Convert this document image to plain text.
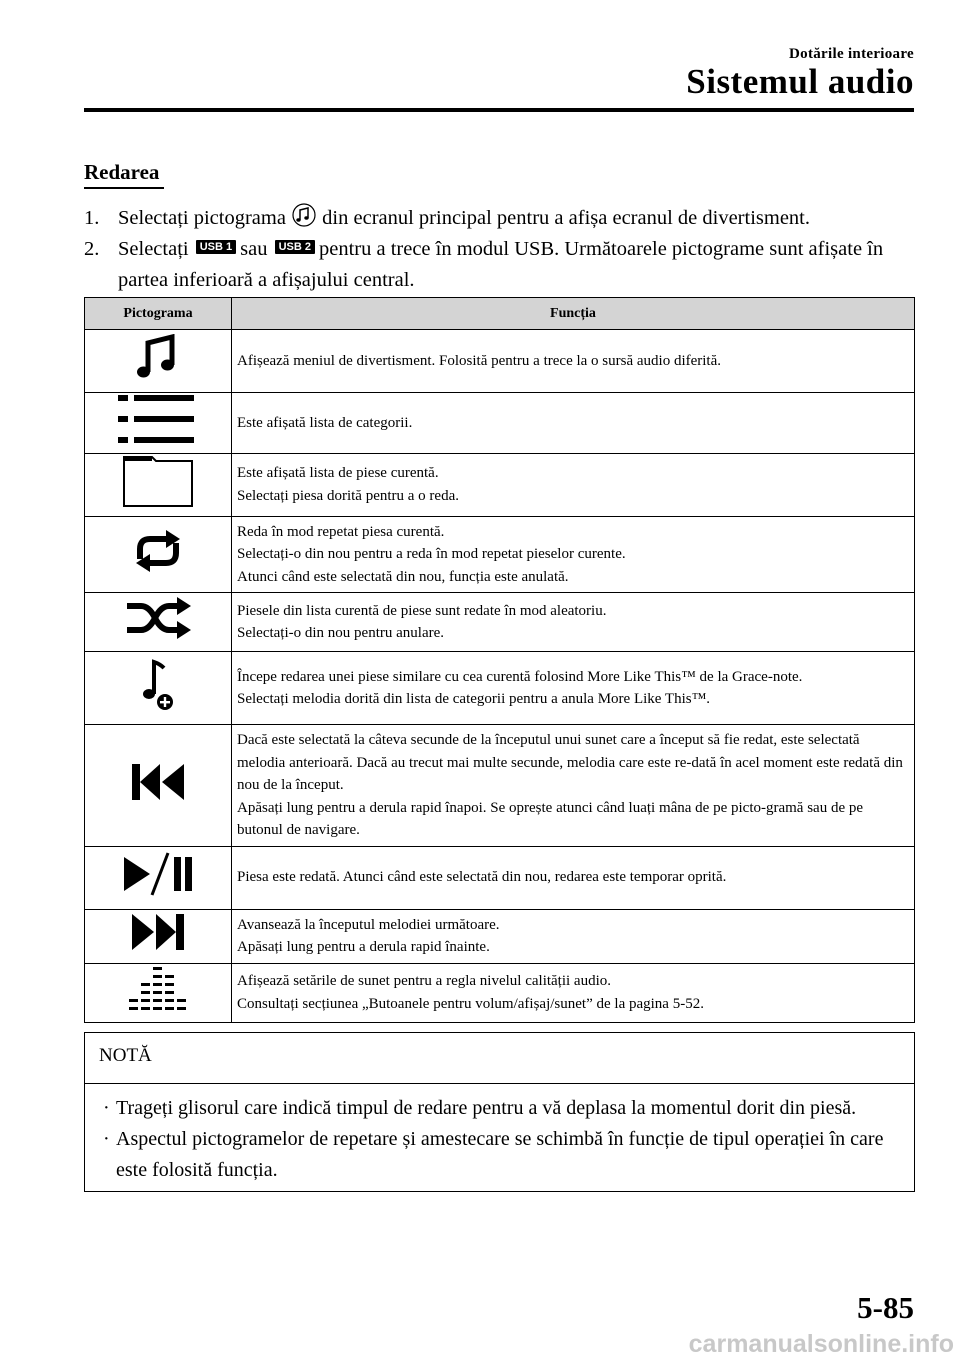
Dotările interioare
Sistemul audio
Redarea
1. Selectați pictograma din ecranul principal pentru a afișa ecranul de divertisment.
2. Selectați USB 1 sau USB 2 pentru a trece în modul USB. Următoarele pictograme sunt afișate în partea inferioară a afișajului central.
Pictograma	Funcția

Afișează meniul de divertisment. Folosită pentru a trece la o sursă audio diferită.

Este afișată lista de categorii.

Este afișată lista de piese curentă.
Selectați piesa dorită pentru a o reda.

Reda în mod repetat piesa curentă.
Selectați-o din nou pentru a reda în mod repetat pieselor curente.
Atunci când este selectată din nou, funcția este anulată.

Piesele din lista curentă de piese sunt redate în mod aleatoriu.
Selectați-o din nou pentru anulare.

Începe redarea unei piese similare cu cea curentă folosind More Like This™ de la Grace-note.
Selectați melodia dorită din lista de categorii pentru a anula More Like This™.

Dacă este selectată la câteva secunde de la începutul unui sunet care a început să fie redat, este selectată melodia anterioară. Dacă au trecut mai multe secunde, melodia care este re-dată în acel moment este redată din nou de la început.
Apăsați lung pentru a derula rapid înapoi. Se oprește atunci când luați mâna de pe picto-gramă sau de pe butonul de navigare.

Piesa este redată. Atunci când este selectată din nou, redarea este temporar oprită.

Avansează la începutul melodiei următoare.
Apăsați lung pentru a derula rapid înainte.

Afișează setările de sunet pentru a regla nivelul calității audio.
Consultați secțiunea „Butoanele pentru volum/afișaj/sunet” de la pagina 5-52.
NOTĂ
· Trageți glisorul care indică timpul de redare pentru a vă deplasa la momentul dorit din piesă.
· Aspectul pictogramelor de repetare și amestecare se schimbă în funcție de tipul operației în care este folosită funcția.
5-85
carmanualsonline.info
